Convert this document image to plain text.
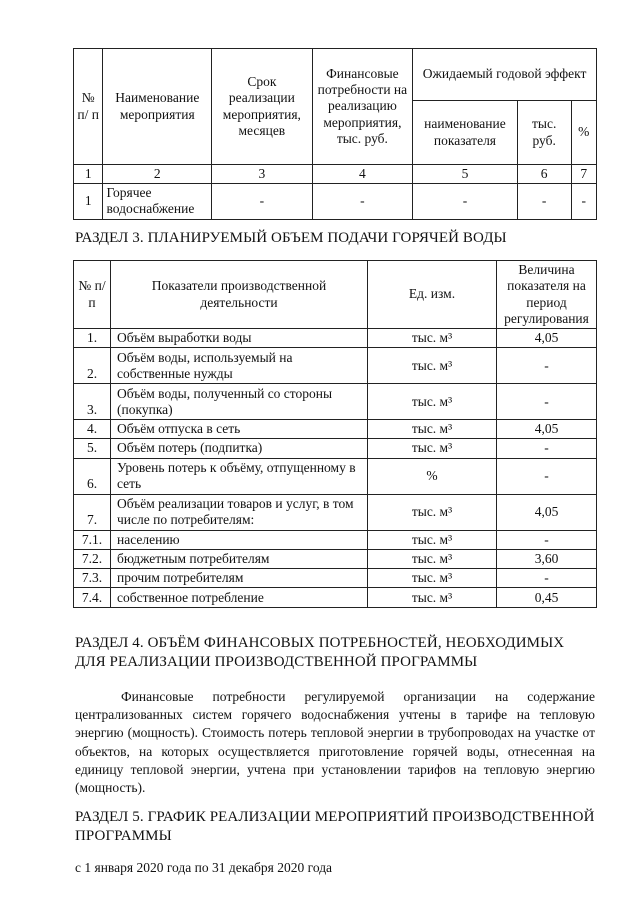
№ п/ п	Наименование мероприятия	Срок реализации мероприятия, месяцев	Финансовые потребности на реализацию мероприятия, тыс. руб.	Ожидаемый годовой эффект		
				наименование показателя	тыс. руб.	%
1	2	3	4	5	6	7
1	Горячее водоснабжение	-	-	-	-	-
РАЗДЕЛ 3. ПЛАНИРУЕМЫЙ ОБЪЕМ ПОДАЧИ ГОРЯЧЕЙ ВОДЫ
№ п/п	Показатели производственной деятельности	Ед. изм.	Величина показателя на период регулирования
1.	Объём выработки воды	тыс. м³	4,05
2.	Объём воды, используемый на собственные нужды	тыс. м³	-
3.	Объём воды, полученный со стороны (покупка)	тыс. м³	-
4.	Объём отпуска в сеть	тыс. м³	4,05
5.	Объём потерь (подпитка)	тыс. м³	-
6.	Уровень потерь к объёму, отпущенному в сеть	%	-
7.	Объём реализации товаров и услуг, в том числе по потребителям:	тыс. м³	4,05
7.1.	населению	тыс. м³	-
7.2.	бюджетным потребителям	тыс. м³	3,60
7.3.	прочим потребителям	тыс. м³	-
7.4.	собственное потребление	тыс. м³	0,45
РАЗДЕЛ 4. ОБЪЁМ ФИНАНСОВЫХ ПОТРЕБНОСТЕЙ, НЕОБХОДИМЫХ ДЛЯ РЕАЛИЗАЦИИ ПРОИЗВОДСТВЕННОЙ ПРОГРАММЫ
Финансовые потребности регулируемой организации на содержание централизованных систем горячего водоснабжения учтены в тарифе на тепловую энергию (мощность). Стоимость потерь тепловой энергии в трубопроводах на участке от объектов, на которых осуществляется приготовление горячей воды, отнесенная на единицу тепловой энергии, учтена при установлении тарифов на тепловую энергию (мощность).
РАЗДЕЛ 5. ГРАФИК РЕАЛИЗАЦИИ МЕРОПРИЯТИЙ ПРОИЗВОДСТВЕННОЙ ПРОГРАММЫ
с 1 января 2020 года по 31 декабря 2020 года
